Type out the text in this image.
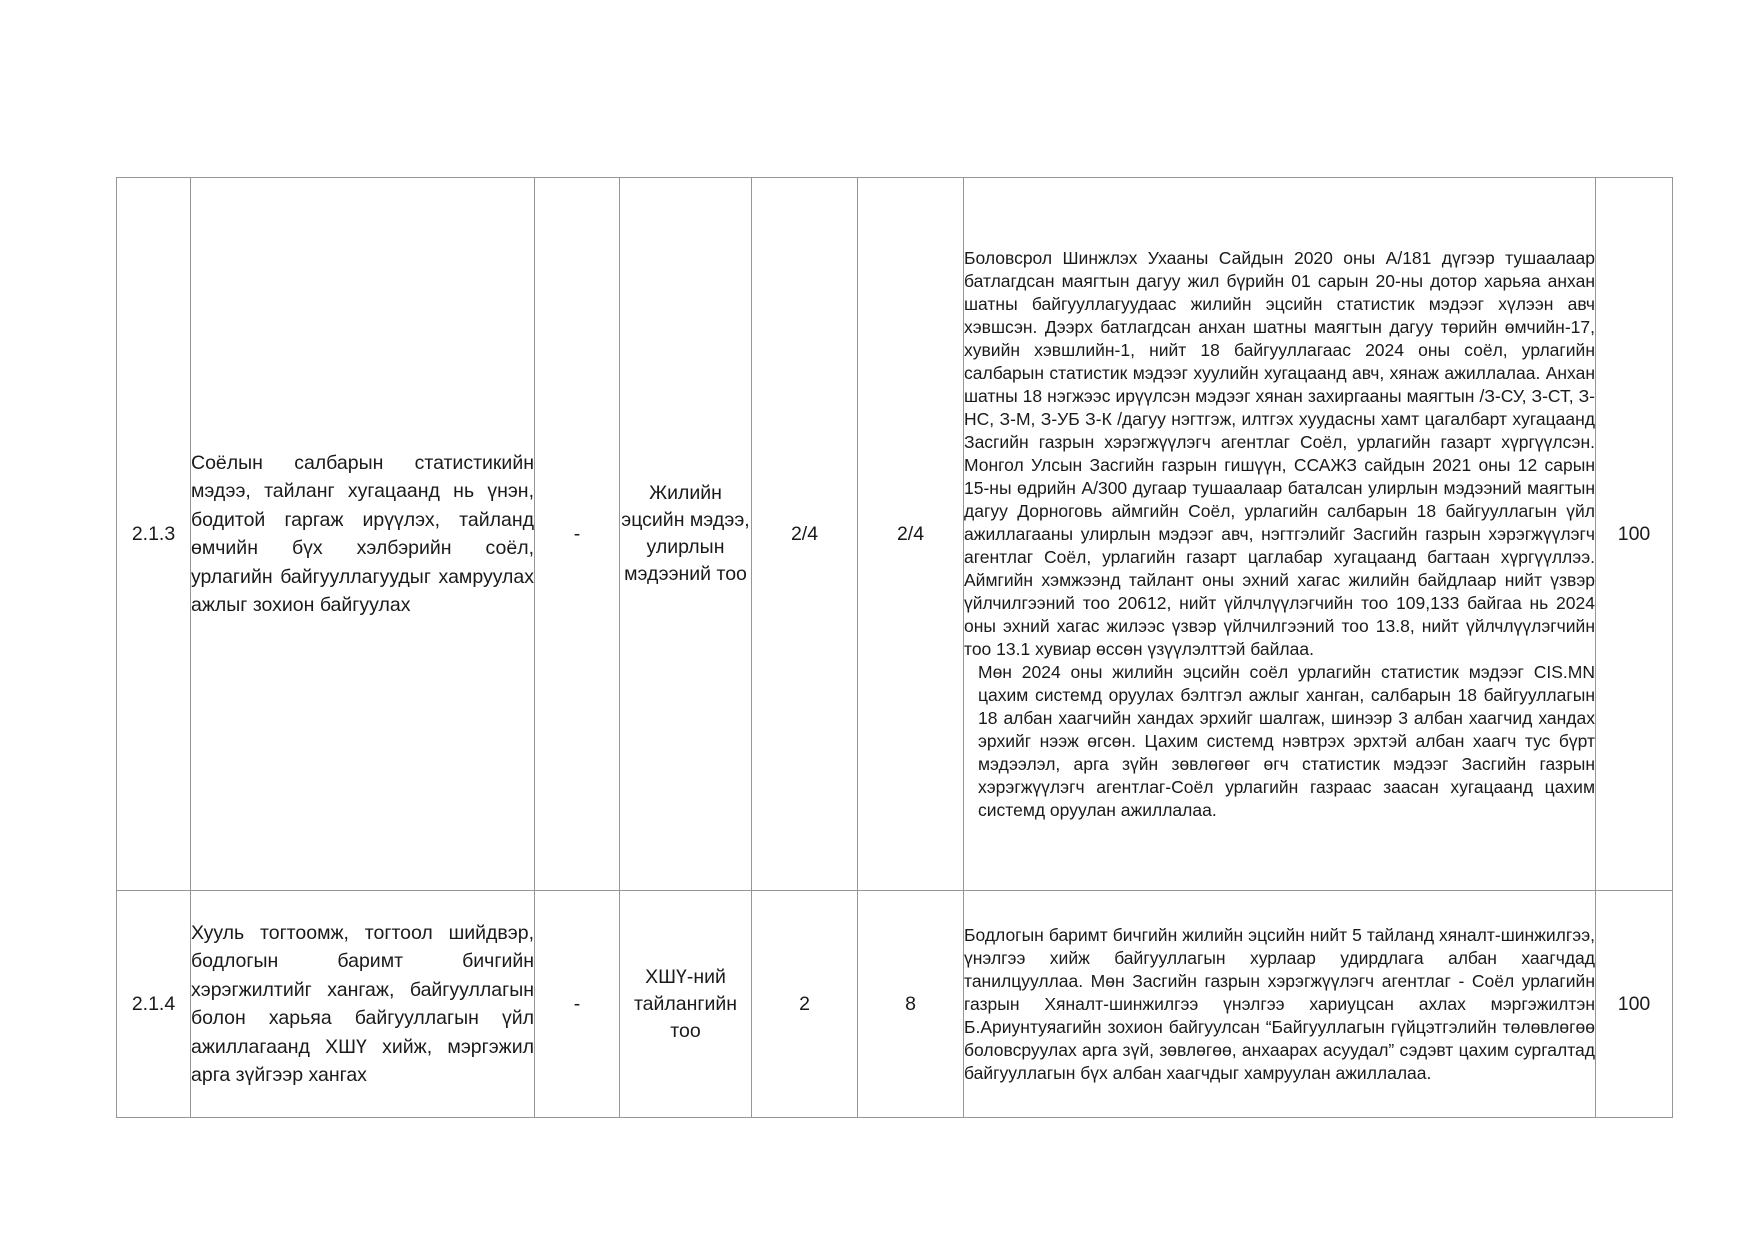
2.1.3	Соёлын салбарын статистикийн мэдээ, тайланг хугацаанд нь үнэн, бодитой гаргаж ирүүлэх, тайланд өмчийн бүх хэлбэрийн соёл, урлагийн байгууллагуудыг хамруулах ажлыг зохион байгуулах	-	Жилийн эцсийн мэдээ, улирлын мэдээний тоо	2/4	2/4	Боловсрол Шинжлэх Ухааны Сайдын 2020 оны А/181 дүгээр тушаалаар батлагдсан маягтын дагуу жил бүрийн 01 сарын 20-ны дотор харьяа анхан шатны байгууллагуудаас жилийн эцсийн статистик мэдээг хүлээн авч хэвшсэн. Дээрх батлагдсан анхан шатны маягтын дагуу төрийн өмчийн-17, хувийн хэвшлийн-1, нийт 18 байгууллагаас 2024 оны соёл, урлагийн салбарын статистик мэдээг хуулийн хугацаанд авч, хянаж ажиллалаа. Анхан шатны 18 нэгжээс ирүүлсэн мэдээг хянан захиргааны маягтын /З-СУ, З-СТ, З-НС, З-М, З-УБ З-К /дагуу нэгтгэж, илтгэх хуудасны хамт цагалбарт хугацаанд Засгийн газрын хэрэгжүүлэгч агентлаг Соёл, урлагийн газарт хүргүүлсэн. Монгол Улсын Засгийн газрын гишүүн, ССАЖЗ сайдын 2021 оны 12 сарын 15-ны өдрийн А/300 дугаар тушаалаар баталсан улирлын мэдээний маягтын дагуу Дорноговь аймгийн Соёл, урлагийн салбарын 18 байгууллагын үйл ажиллагааны улирлын мэдээг авч, нэгтгэлийг Засгийн газрын хэрэгжүүлэгч агентлаг Соёл, урлагийн газарт цаглабар хугацаанд багтаан хүргүүллээ. Аймгийн хэмжээнд тайлант оны эхний хагас жилийн байдлаар нийт үзвэр үйлчилгээний тоо 20612, нийт үйлчлүүлэгчийн тоо 109,133 байгаа нь 2024 оны эхний хагас жилээс үзвэр үйлчилгээний тоо 13.8, нийт үйлчлүүлэгчийн тоо 13.1 хувиар өссөн үзүүлэлттэй байлаа.

Мөн 2024 оны жилийн эцсийн соёл урлагийн статистик мэдээг CIS.MN цахим системд оруулах бэлтгэл ажлыг ханган, салбарын 18 байгууллагын 18 албан хаагчийн хандах эрхийг шалгаж, шинээр 3 албан хаагчид хандах эрхийг нээж өгсөн. Цахим системд нэвтрэх эрхтэй албан хаагч тус бүрт мэдээлэл, арга зүйн зөвлөгөөг өгч статистик мэдээг Засгийн газрын хэрэгжүүлэгч агентлаг-Соёл урлагийн газраас заасан хугацаанд цахим системд оруулан ажиллалаа.	100
2.1.4	Хууль тогтоомж, тогтоол шийдвэр, бодлогын баримт бичгийн хэрэгжилтийг хангаж, байгууллагын болон харьяа байгууллагын үйл ажиллагаанд ХШҮ хийж, мэргэжил арга зүйгээр хангах	-	ХШҮ-ний тайлангийн тоо	2	8	Бодлогын баримт бичгийн жилийн эцсийн нийт 5 тайланд хяналт-шинжилгээ, үнэлгээ хийж байгууллагын хурлаар удирдлага албан хаагчдад танилцууллаа. Мөн Засгийн газрын хэрэгжүүлэгч агентлаг - Соёл урлагийн газрын Хяналт-шинжилгээ үнэлгээ хариуцсан ахлах мэргэжилтэн Б.Ариунтуяагийн зохион байгуулсан “Байгууллагын гүйцэтгэлийн төлөвлөгөө боловсруулах арга зүй, зөвлөгөө, анхаарах асуудал” сэдэвт цахим сургалтад байгууллагын бүх албан хаагчдыг хамруулан ажиллалаа.	100
